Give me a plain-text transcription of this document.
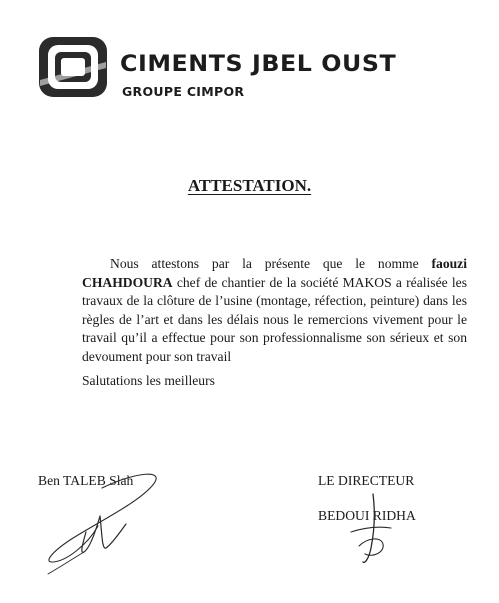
CIMENTS JBEL OUST
GROUPE CIMPOR
ATTESTATION.

Nous attestons par la présente que le nomme faouzi CHAHDOURA chef de chantier de la société MAKOS a réalisée les travaux de la clôture de l’usine (montage, réfection, peinture) dans les règles de l’art et dans les délais nous le remercions vivement pour le travail qu’il a effectue pour son professionnalisme son sérieux et son devoument pour son travail

Salutations les meilleurs
Ben TALEB Slah	LE DIRECTEUR
BEDOUI RIDHA
